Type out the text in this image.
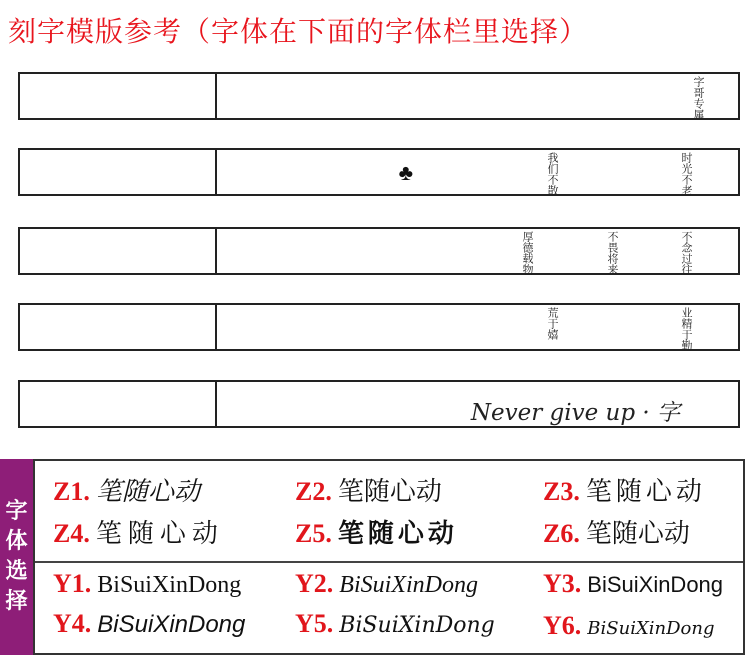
刻字模版参考（字体在下面的字体栏里选择）
字哥专属
时光不老
我们不散
♣
不念过往
不畏将来
厚德载物
业精于勤
荒于嬉
Never give up · 字
字
体
选
择
Z1. 笔随心动	Z2. 笔随心动	Z3. 笔随心动
Z4. 笔随心动	Z5. 笔随心动	Z6. 笔随心动
Y1. BiSuiXinDong Y2. BiSuiXinDong	Y3. BiSuiXinDong
Y4. BiSuiXinDong Y5. BiSuiXinDong Y6. BiSuiXinDong
